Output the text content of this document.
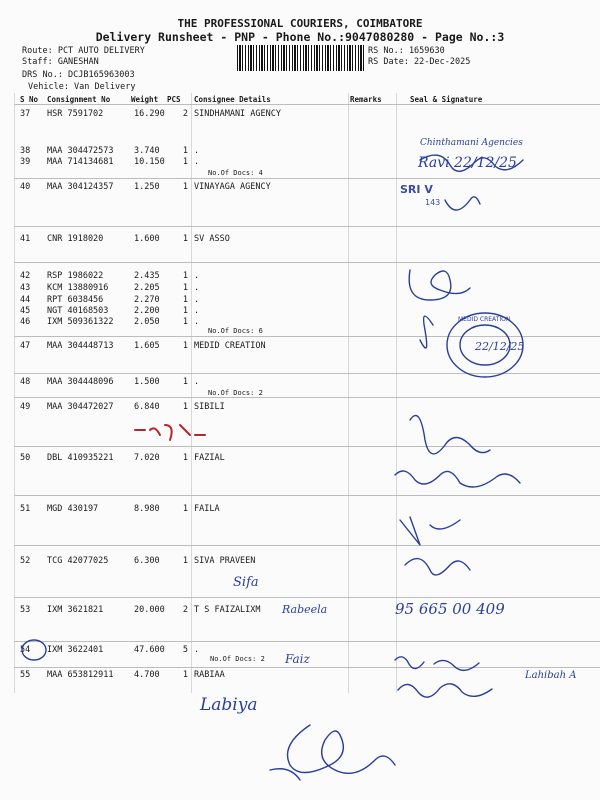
THE PROFESSIONAL COURIERS, COIMBATORE
Delivery Runsheet - PNP - Phone No.:9047080280 - Page No.:3
Route: PCT AUTO DELIVERY
Staff: GANESHAN
DRS No.: DCJB165963003
Vehicle: Van Delivery
RS No.: 1659630
RS Date: 22-Dec-2025
S No Consignment No	Weight PCS Consignee Details	Remarks	Seal & Signature
37 HSR 7591702	16.290	2 SINDHAMANI AGENCY
38 MAA 304472573 3.740	1 .
39 MAA 714134681 10.150	1 .
No.Of Docs: 4
40 MAA 304124357 1.250	1 VINAYAGA AGENCY
41 CNR 1918020	1.600	1 SV ASSO
42 RSP 1986022	2.435	1 .
43 KCM 13880916	2.205	1 .
44 RPT 6038456	2.270	1 .
45 NGT 40168503	2.200	1 .
46 IXM 509361322 2.050	1 .
No.Of Docs: 6
47 MAA 304448713 1.605	1 MEDID CREATION
48 MAA 304448096 1.500	1 .
No.Of Docs: 2
49 MAA 304472027 6.840	1 SIBILI
50 DBL 410935221 7.020	1 FAZIAL
51 MGD 430197	8.980	1 FAILA
52 TCG 42077025	6.300	1 SIVA PRAVEEN
53 IXM 3621821	20.000	2 T S FAIZALIXM
54 IXM 3622401	47.600	5 .
No.Of Docs: 2
55 MAA 653812911 4.700	1 RABIAA
Chinthamani Agencies
Ravi 22/12/25
SRI V
143
MEDID CREATION
22/12/25
Sifa
Rabeela	95 665 00 409
Faiz
Labiya
Lahibah A
